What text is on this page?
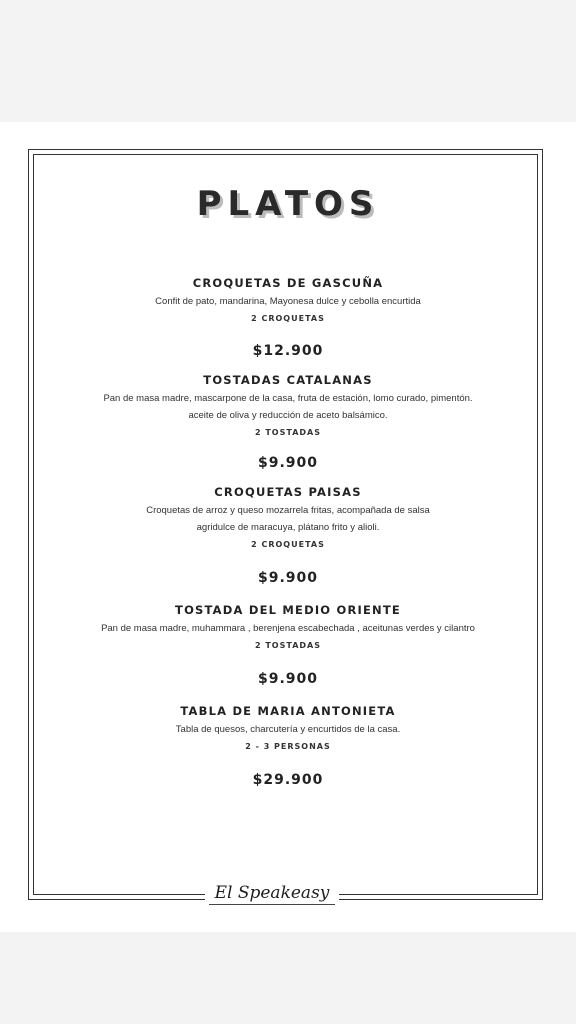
PLATOS
CROQUETAS DE GASCUÑA
Confit de pato, mandarina, Mayonesa dulce y cebolla encurtida
2 CROQUETAS
$12.900
TOSTADAS CATALANAS
Pan de masa madre, mascarpone de la casa, fruta de estación, lomo curado, pimentón.
aceite de oliva y reducción de aceto balsámico.
2 TOSTADAS
$9.900
CROQUETAS PAISAS
Croquetas de arroz y queso mozarrela fritas, acompañada de salsa
agridulce de maracuya, plátano frito y alioli.
2 CROQUETAS
$9.900
TOSTADA DEL MEDIO ORIENTE
Pan de masa madre, muhammara , berenjena escabechada , aceitunas verdes y cilantro
2 TOSTADAS
$9.900
TABLA DE MARIA ANTONIETA
Tabla de quesos, charcutería y encurtidos de la casa.
2 - 3 PERSONAS
$29.900
El Speakeasy
